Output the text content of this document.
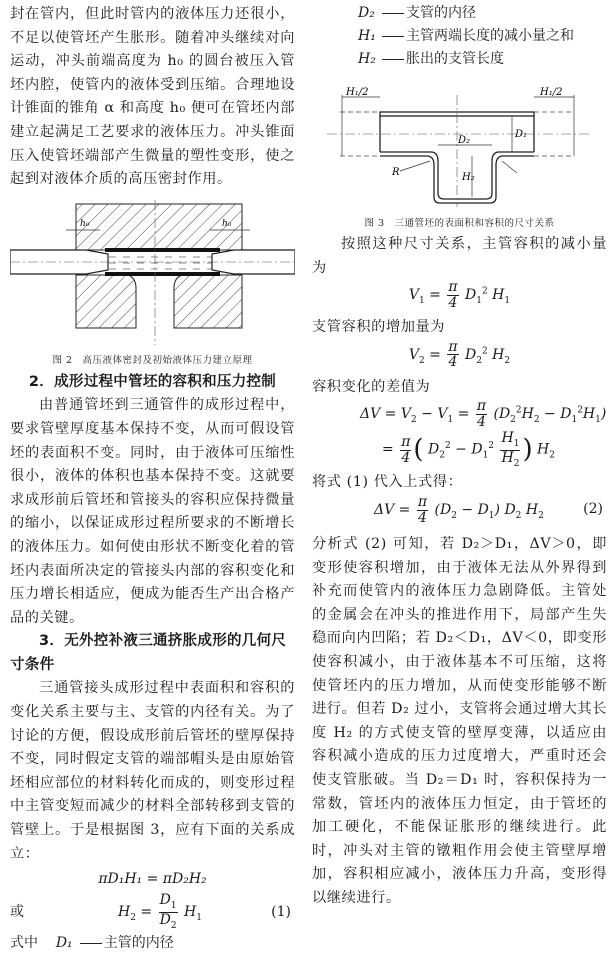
封在管内，但此时管内的液体压力还很小，不足以使管坯产生胀形。随着冲头继续对向运动，冲头前端高度为 h₀ 的圆台被压入管坯内腔，使管内的液体受到压缩。合理地设计锥面的锥角 α 和高度 h₀ 便可在管坯内部建立起满足工艺要求的液体压力。冲头锥面压入使管坯端部产生微量的塑性变形，使之起到对液体介质的高压密封作用。

h₀	h₀
图 2　高压液体密封及初始液体压力建立原理

2．成形过程中管坯的容积和压力控制

由普通管坯到三通管件的成形过程中，要求管壁厚度基本保持不变，从而可假设管坯的表面积不变。同时，由于液体可压缩性很小，液体的体积也基本保持不变。这就要求成形前后管坯和管接头的容积应保持微量的缩小，以保证成形过程所要求的不断增长的液体压力。如何使由形状不断变化着的管坯内表面所决定的管接头内部的容积变化和压力增长相适应，便成为能否生产出合格产品的关键。

3．无外控补液三通挤胀成形的几何尺寸条件

三通管接头成形过程中表面积和容积的变化关系主要与主、支管的内径有关。为了讨论的方便，假设成形前后管坯的壁厚保持不变，同时假定支管的端部帽头是由原始管坯相应部位的材料转化而成的，则变形过程中主管变短而减少的材料全部转移到支管的管壁上。于是根据图 3，应有下面的关系成立：

πD₁H₁ = πD₂H₂
或	$H_2 = \frac{D_1}{D_2} H_1$	(1)
式中 D₁ 主管的内径
D₂ 支管的内径
H₁ 主管两端长度的减小量之和
H₂ 胀出的支管长度
H₁/2	H₁/2
D₂
D₁
H₂
R
图 3　三通管坯的表面积和容积的尺寸关系

按照这种尺寸关系，主管容积的减小量为

$V_1 = \frac{\pi}{4} D_1^2$ $H_1$

支管容积的增加量为

$V_2 = \frac{\pi}{4} D_2^2$ $H_2$

容积变化的差值为

$\Delta V = V_2 - V_1 = \frac{\pi}{4} (D_2^2H_2 - D_1^2H_1)$
= $\frac{\pi}{4}$ ( $D_2^2 - D_1^2 \frac{H_1}{H_2}$ ) $H_2$

将式 (1) 代入上式得：

$\Delta V = \frac{\pi}{4} (D_2 - D_1)$ $D_2$ $H_2$	(2)

分析式 (2) 可知，若 D₂＞D₁，ΔV＞0，即变形使容积增加，由于液体无法从外界得到补充而使管内的液体压力急剧降低。主管处的金属会在冲头的推进作用下，局部产生失稳而向内凹陷；若 D₂＜D₁，ΔV＜0，即变形使容积减小，由于液体基本不可压缩，这将使管坯内的压力增加，从而使变形能够不断进行。但若 D₂ 过小，支管将会通过增大其长度 H₂ 的方式使支管的壁厚变薄，以适应由容积减小造成的压力过度增大，严重时还会使支管胀破。当 D₂＝D₁ 时，容积保持为一常数，管坯内的液体压力恒定，由于管坯的加工硬化，不能保证胀形的继续进行。此时，冲头对主管的镦粗作用会使主管壁厚增加，容积相应减小，液体压力升高，变形得以继续进行。
